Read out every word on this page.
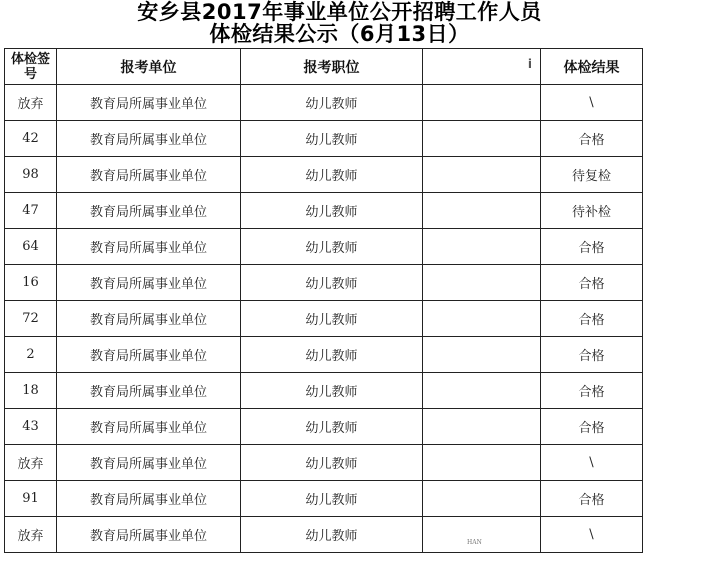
安乡县2017年事业单位公开招聘工作人员
体检结果公示（6月13日）
体检签号	报考单位	报考职位	i	体检结果
放弃	教育局所属事业单位	幼儿教师		\
42	教育局所属事业单位	幼儿教师		合格
98	教育局所属事业单位	幼儿教师		待复检
47	教育局所属事业单位	幼儿教师		待补检
64	教育局所属事业单位	幼儿教师		合格
16	教育局所属事业单位	幼儿教师		合格
72	教育局所属事业单位	幼儿教师		合格
2	教育局所属事业单位	幼儿教师		合格
18	教育局所属事业单位	幼儿教师		合格
43	教育局所属事业单位	幼儿教师		合格
放弃	教育局所属事业单位	幼儿教师		\
91	教育局所属事业单位	幼儿教师		合格
放弃	教育局所属事业单位	幼儿教师	HAN	\
